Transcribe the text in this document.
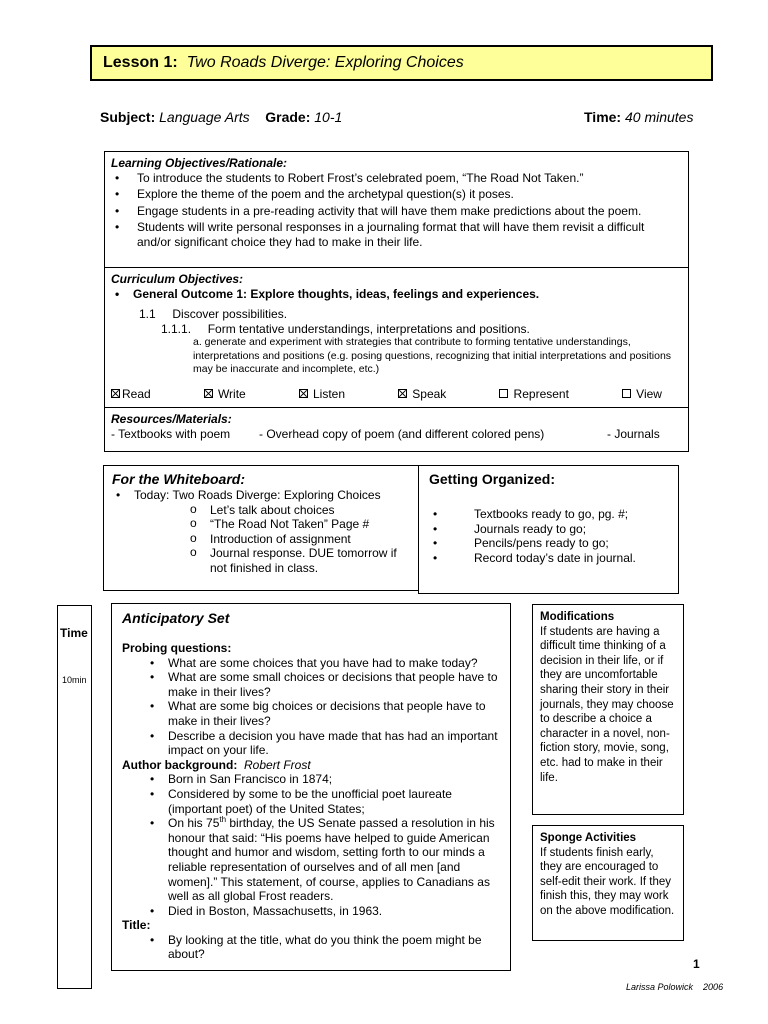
Lesson 1: Two Roads Diverge: Exploring Choices
Subject: Language Arts Grade: 10-1	Time: 40 minutes
Learning Objectives/Rationale:
• To introduce the students to Robert Frost’s celebrated poem, “The Road Not Taken.”
• Explore the theme of the poem and the archetypal question(s) it poses.
• Engage students in a pre-reading activity that will have them make predictions about the poem.
• Students will write personal responses in a journaling format that will have them revisit a difficult and/or significant choice they had to make in their life.
Curriculum Objectives:
• General Outcome 1: Explore thoughts, ideas, feelings and experiences.
1.1 Discover possibilities.
1.1.1. Form tentative understandings, interpretations and positions.
a. generate and experiment with strategies that contribute to forming tentative understandings, interpretations and positions (e.g. posing questions, recognizing that initial interpretations and positions may be inaccurate and incomplete, etc.)
Read	Write	Listen	Speak	Represent	View
Resources/Materials:
- Textbooks with poem - Overhead copy of poem (and different colored pens)	- Journals
For the Whiteboard:
• Today: Two Roads Diverge: Exploring Choices
o Let’s talk about choices
o “The Road Not Taken” Page #
o Introduction of assignment
o Journal response. DUE tomorrow if not finished in class.
Getting Organized:
• Textbooks ready to go, pg. #;
• Journals ready to go;
• Pencils/pens ready to go;
• Record today’s date in journal.
Time
10min
Anticipatory Set
Probing questions:
• What are some choices that you have had to make today?
• What are some small choices or decisions that people have to make in their lives?
• What are some big choices or decisions that people have to make in their lives?
• Describe a decision you have made that has had an important impact on your life.
Author background: Robert Frost
• Born in San Francisco in 1874;
• Considered by some to be the unofficial poet laureate (important poet) of the United States;
• On his 75th birthday, the US Senate passed a resolution in his honour that said: “His poems have helped to guide American thought and humor and wisdom, setting forth to our minds a reliable representation of ourselves and of all men [and women].” This statement, of course, applies to Canadians as well as all global Frost readers.
• Died in Boston, Massachusetts, in 1963.
Title:
• By looking at the title, what do you think the poem might be about?
Modifications
If students are having a difficult time thinking of a decision in their life, or if they are uncomfortable sharing their story in their journals, they may choose to describe a choice a character in a novel, non-fiction story, movie, song, etc. had to make in their life.
Sponge Activities
If students finish early, they are encouraged to self-edit their work. If they finish this, they may work on the above modification.
1
Larissa Polowick 2006
